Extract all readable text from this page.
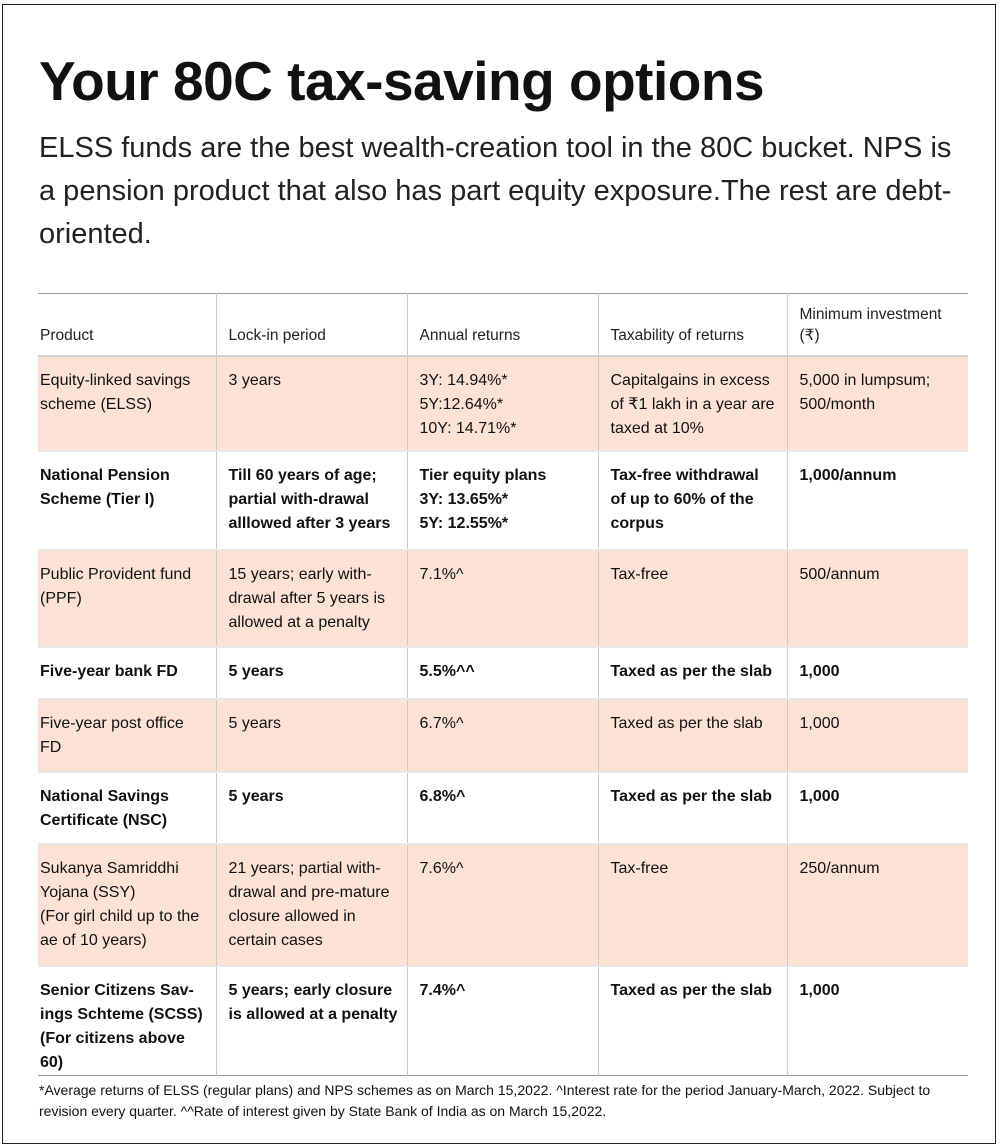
Your 80C tax-saving options

ELSS funds are the best wealth-creation tool in the 80C bucket. NPS is a pension product that also has part equity exposure.The rest are debt-oriented.

Product	Lock-in period	Annual returns	Taxability of returns	Minimum investment (₹)

Equity-linked savings
scheme (ELSS)	3 years	3Y: 14.94%*
5Y:12.64%*
10Y: 14.71%*	Capitalgains in excess
of ₹1 lakh in a year are
taxed at 10%	5,000 in lumpsum;
500/month

National Pension
Scheme (Tier I)	Till 60 years of age;
partial with-drawal
alllowed after 3 years	Tier equity plans
3Y: 13.65%*
5Y: 12.55%*	Tax-free withdrawal
of up to 60% of the
corpus	1,000/annum

Public Provident fund
(PPF)	15 years; early with-
drawal after 5 years is
allowed at a penalty	7.1%^	Tax-free	500/annum

Five-year bank FD	5 years	5.5%^^	Taxed as per the slab	1,000

Five-year post office
FD	5 years	6.7%^	Taxed as per the slab	1,000

National Savings
Certificate (NSC)	5 years	6.8%^	Taxed as per the slab	1,000

Sukanya Samriddhi
Yojana (SSY)
(For girl child up to the
ae of 10 years)	21 years; partial with-
drawal and pre-mature
closure allowed in
certain cases	7.6%^	Tax-free	250/annum

Senior Citizens Sav-
ings Schteme (SCSS)
(For citizens above 60)	5 years; early closure
is allowed at a penalty	7.4%^	Taxed as per the slab	1,000

*Average returns of ELSS (regular plans) and NPS schemes as on March 15,2022. ^Interest rate for the period January-March, 2022. Subject to revision every quarter. ^^Rate of interest given by State Bank of India as on March 15,2022.
